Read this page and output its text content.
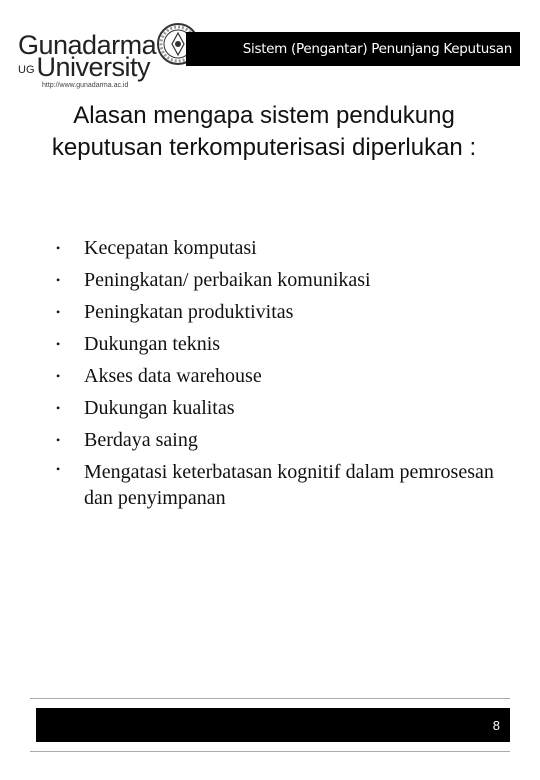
Gunadarma
UGUniversity
http://www.gunadarma.ac.id
Sistem (Pengantar) Penunjang Keputusan
Alasan mengapa sistem pendukung keputusan terkomputerisasi diperlukan :
• Kecepatan komputasi
• Peningkatan/ perbaikan komunikasi
• Peningkatan produktivitas
• Dukungan teknis
• Akses data warehouse
• Dukungan kualitas
• Berdaya saing
• Mengatasi keterbatasan kognitif dalam pemrosesan dan penyimpanan
8
